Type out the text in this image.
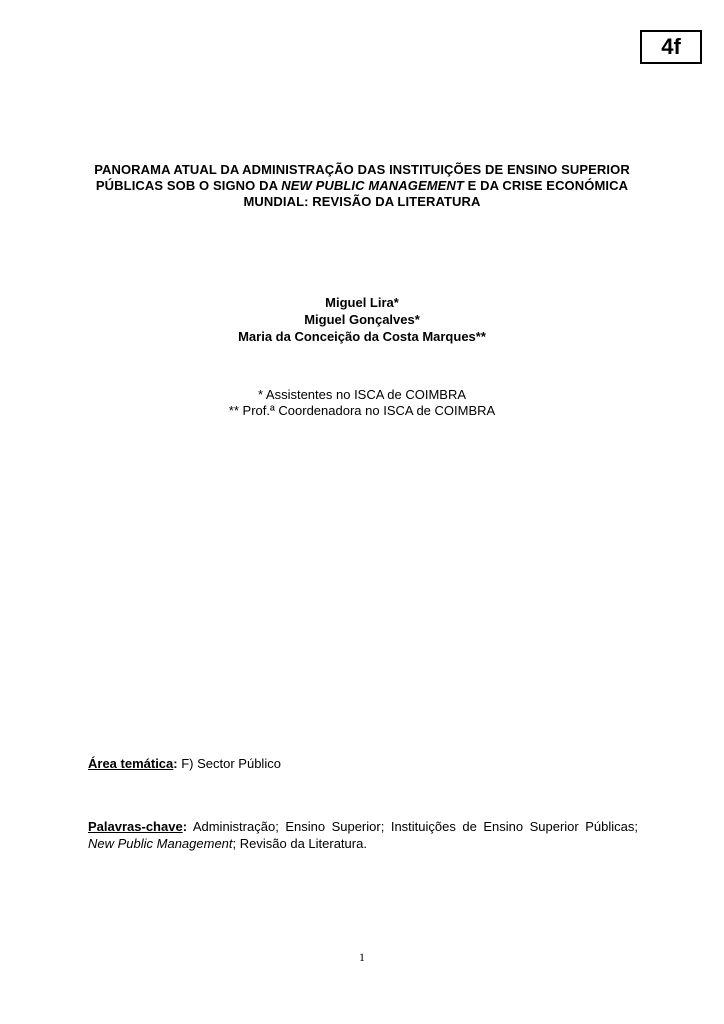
4f
PANORAMA ATUAL DA ADMINISTRAÇÃO DAS INSTITUIÇÕES DE ENSINO SUPERIOR
PÚBLICAS SOB O SIGNO DA NEW PUBLIC MANAGEMENT E DA CRISE ECONÓMICA
MUNDIAL: REVISÃO DA LITERATURA
Miguel Lira*
Miguel Gonçalves*
Maria da Conceição da Costa Marques**
* Assistentes no ISCA de COIMBRA
** Prof.ª Coordenadora no ISCA de COIMBRA
Área temática: F) Sector Público
Palavras-chave: Administração; Ensino Superior; Instituições de Ensino Superior Públicas; New Public Management; Revisão da Literatura.
1
